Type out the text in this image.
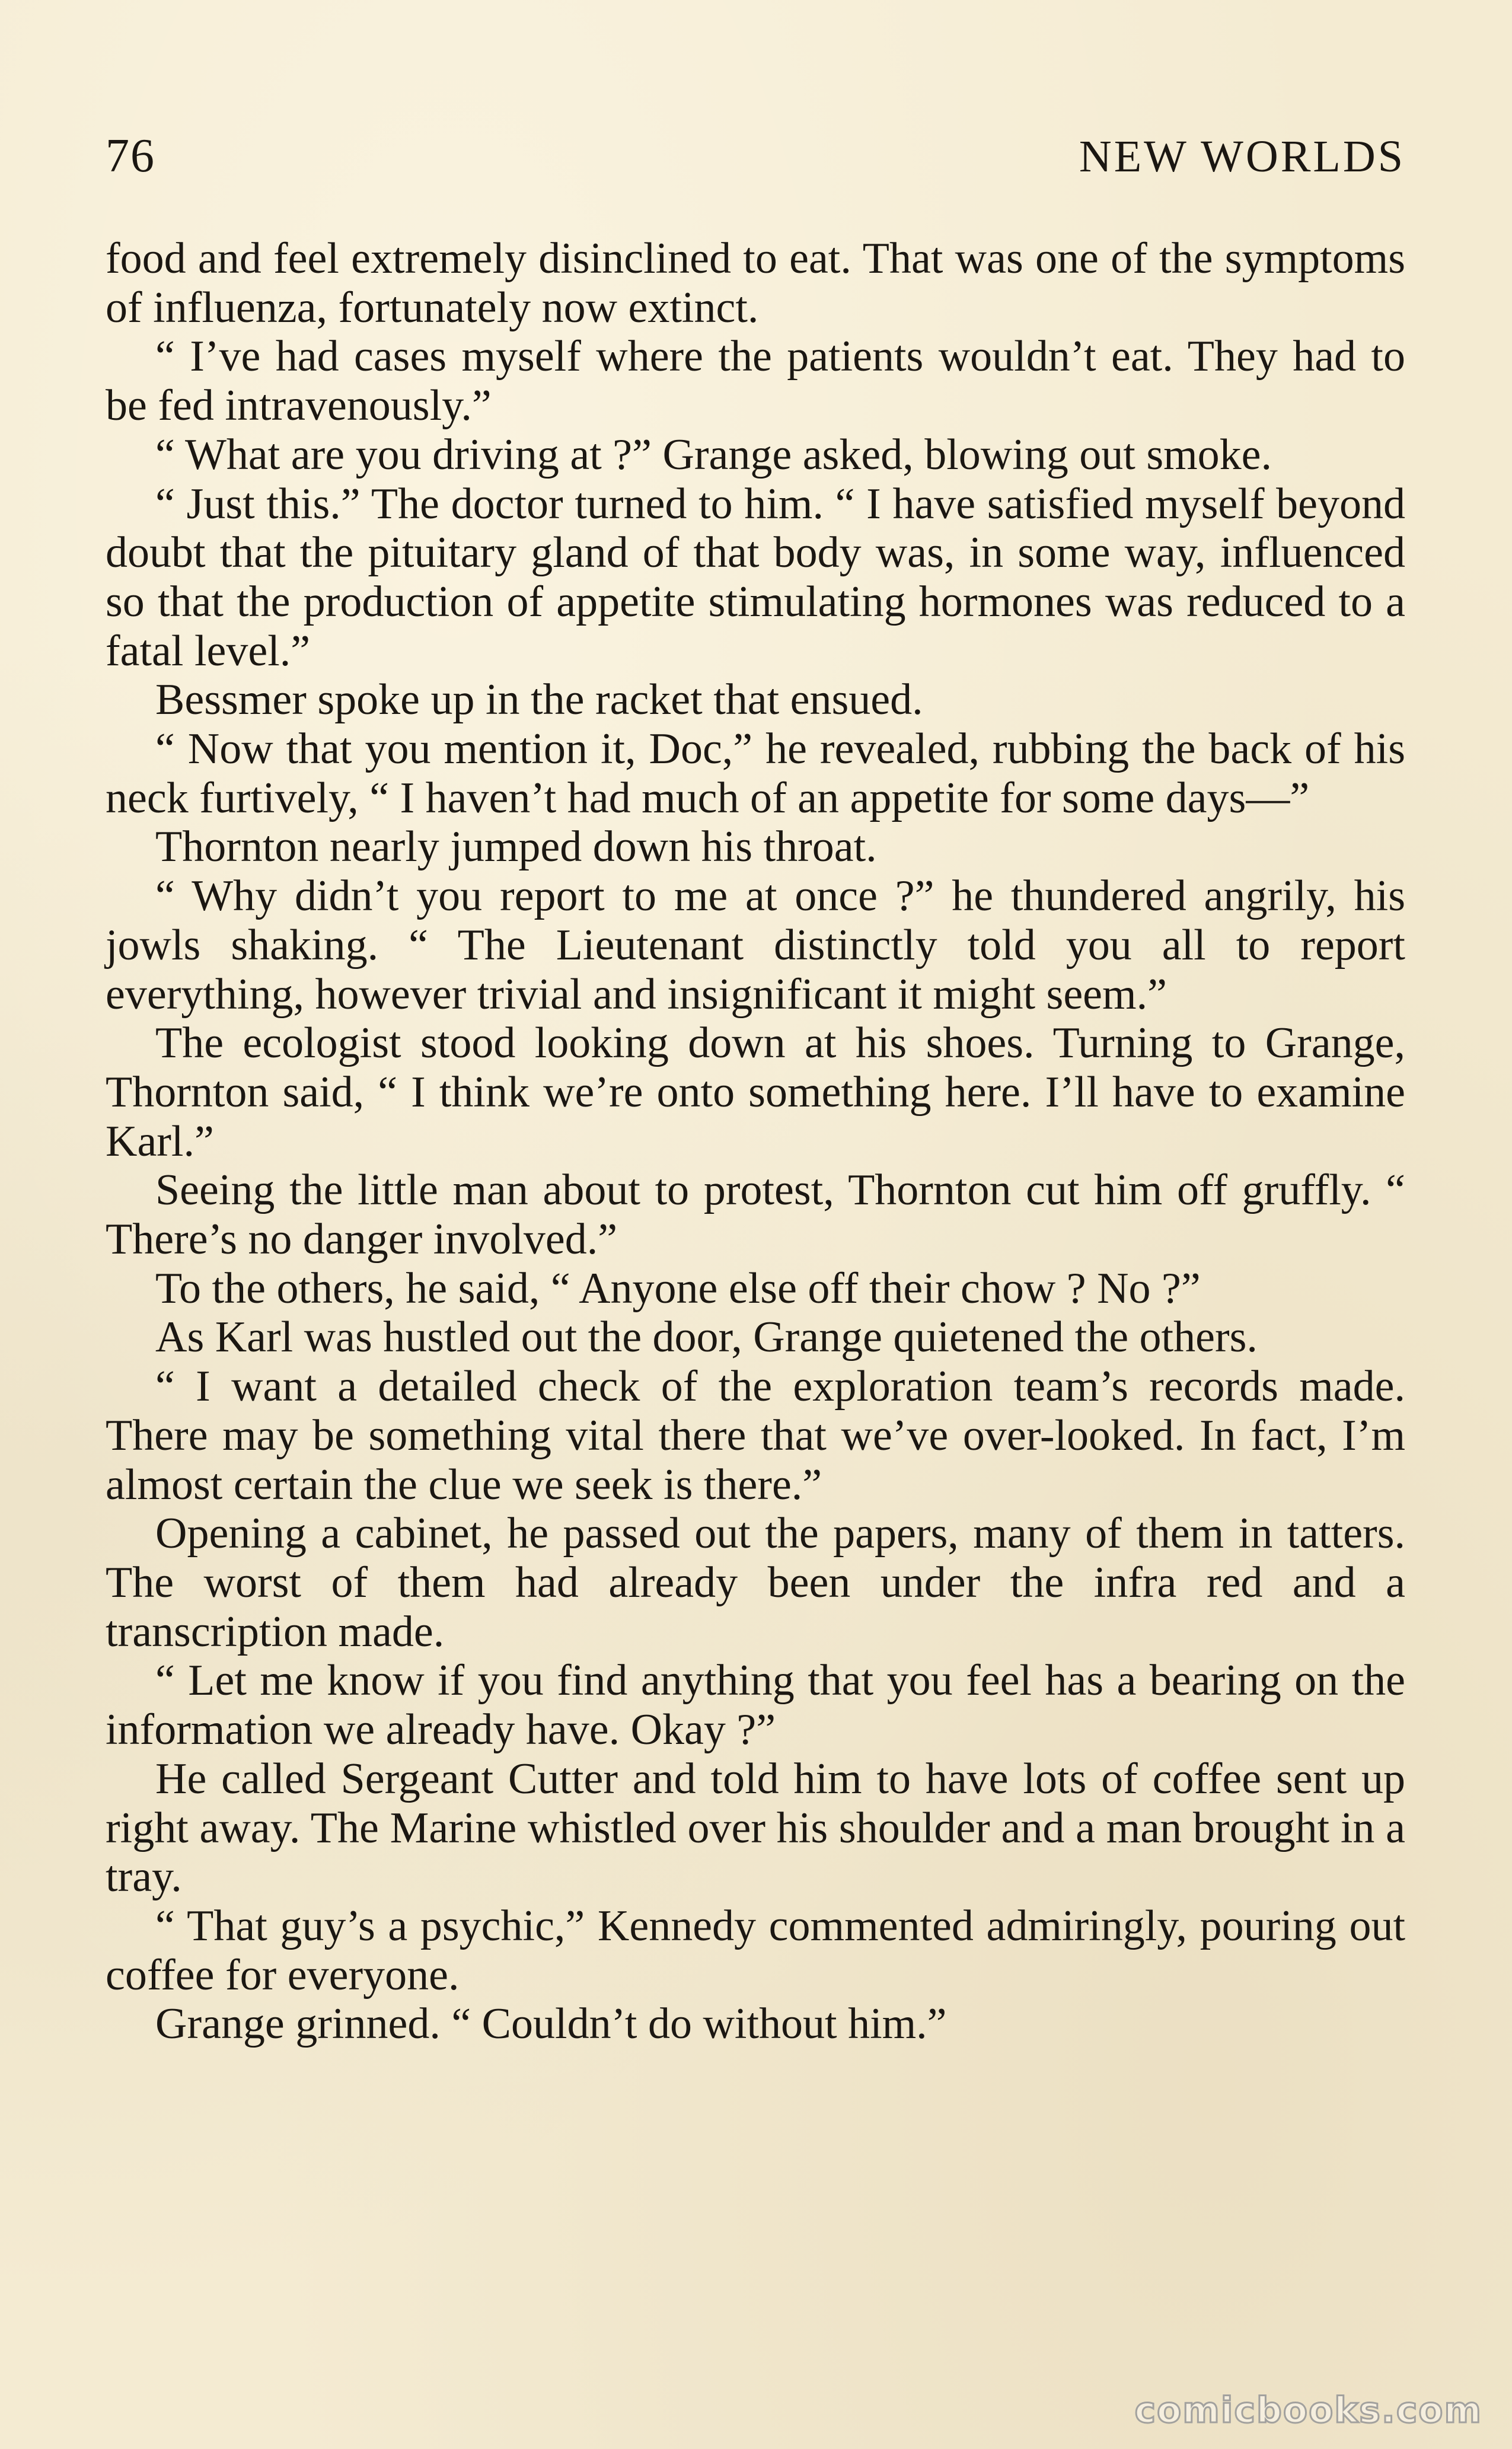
76	NEW WORLDS

food and feel extremely disinclined to eat. That was one of the symptoms of influenza, fortunately now extinct.

“ I’ve had cases myself where the patients wouldn’t eat. They had to be fed intravenously.”

“ What are you driving at ?” Grange asked, blowing out smoke.

“ Just this.” The doctor turned to him. “ I have satisfied myself beyond doubt that the pituitary gland of that body was, in some way, influenced so that the production of appetite stimulating hormones was reduced to a fatal level.”

Bessmer spoke up in the racket that ensued.

“ Now that you mention it, Doc,” he revealed, rubbing the back of his neck furtively, “ I haven’t had much of an appetite for some days—”

Thornton nearly jumped down his throat.

“ Why didn’t you report to me at once ?” he thundered angrily, his jowls shaking. “ The Lieutenant distinctly told you all to report everything, however trivial and insignificant it might seem.”

The ecologist stood looking down at his shoes. Turning to Grange, Thornton said, “ I think we’re onto something here. I’ll have to examine Karl.”

Seeing the little man about to protest, Thornton cut him off gruffly. “ There’s no danger involved.”

To the others, he said, “ Anyone else off their chow ? No ?”

As Karl was hustled out the door, Grange quietened the others.

“ I want a detailed check of the exploration team’s records made. There may be something vital there that we’ve over-looked. In fact, I’m almost certain the clue we seek is there.”

Opening a cabinet, he passed out the papers, many of them in tatters. The worst of them had already been under the infra red and a transcription made.

“ Let me know if you find anything that you feel has a bearing on the information we already have. Okay ?”

He called Sergeant Cutter and told him to have lots of coffee sent up right away. The Marine whistled over his shoulder and a man brought in a tray.

“ That guy’s a psychic,” Kennedy commented admiringly, pouring out coffee for everyone.

Grange grinned. “ Couldn’t do without him.”

comicbooks.com
